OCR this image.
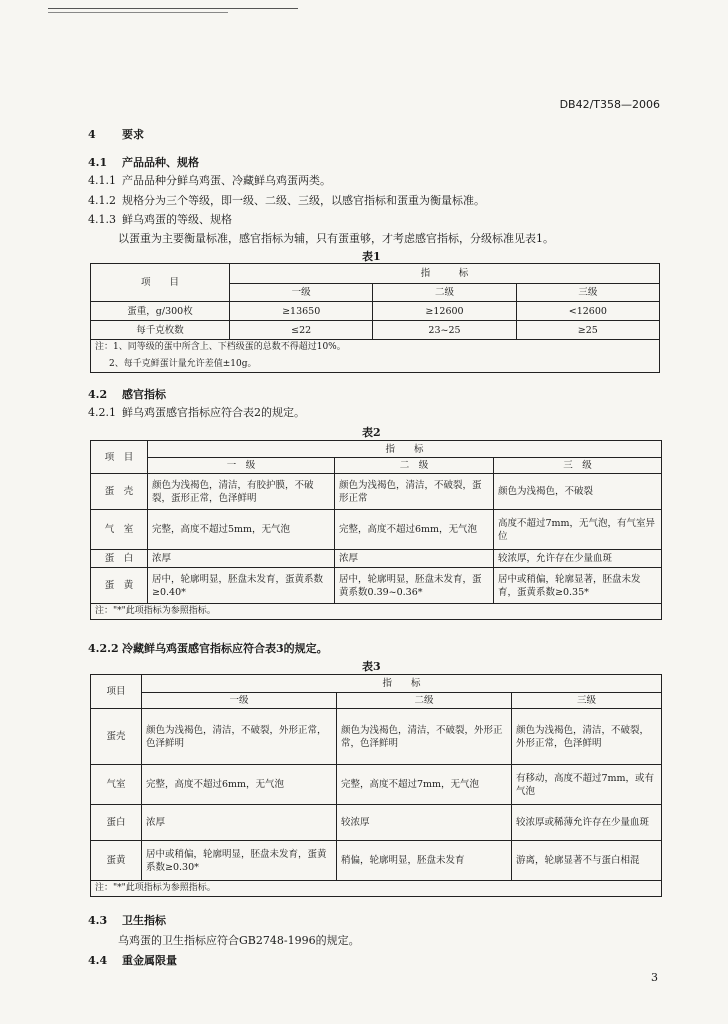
DB42/T358—2006
4 要求
4.1 产品品种、规格
4.1.1 产品品种分鲜乌鸡蛋、冷藏鲜乌鸡蛋两类。
4.1.2 规格分为三个等级，即一级、二级、三级，以感官指标和蛋重为衡量标准。
4.1.3 鲜乌鸡蛋的等级、规格
以蛋重为主要衡量标准，感官指标为辅，只有蛋重够，才考虑感官指标，分级标准见表1。
表1
项　　目	指　　　标		
	一级	二级	三级
蛋重，g/300枚	≥13650	≥12600	<12600
每千克枚数	≤22	23~25	≥25

注：1、同等级的蛋中所含上、下档级蛋的总数不得超过10%。
2、每千克鲜蛋计量允许差值±10g。			
4.2 感官指标
4.2.1 鲜乌鸡蛋感官指标应符合表2的规定。
表2
项　目	指　　标		
	一　级	二　级	三　级
蛋　壳	颜色为浅褐色，清洁，有胶护膜，不破裂，蛋形正常，色泽鲜明	颜色为浅褐色，清洁，不破裂，蛋形正常	颜色为浅褐色，不破裂
气　室	完整，高度不超过5mm，无气泡	完整，高度不超过6mm，无气泡	高度不超过7mm，无气泡，有气室异位
蛋　白	浓厚	浓厚	较浓厚，允许存在少量血斑
蛋　黄	居中，轮廓明显，胚盘未发育，蛋黄系数≥0.40*	居中，轮廓明显，胚盘未发育，蛋黄系数0.39~0.36*	居中或稍偏，轮廓显著，胚盘未发育，蛋黄系数≥0.35*
注："*"此项指标为参照指标。			
4.2.2 冷藏鲜乌鸡蛋感官指标应符合表3的规定。
表3
项目	指　　标		
	一级	二级	三级
蛋壳	颜色为浅褐色，清洁，不破裂，外形正常，色泽鲜明	颜色为浅褐色，清洁，不破裂，外形正常，色泽鲜明	颜色为浅褐色，清洁，不破裂，外形正常，色泽鲜明
气室	完整，高度不超过6mm，无气泡	完整，高度不超过7mm，无气泡	有移动，高度不超过7mm，或有气泡
蛋白	浓厚	较浓厚	较浓厚或稀薄允许存在少量血斑
蛋黄	居中或稍偏，轮廓明显，胚盘未发育，蛋黄系数≥0.30*	稍偏，轮廓明显，胚盘未发育	游离，轮廓显著不与蛋白相混
注："*"此项指标为参照指标。			
4.3 卫生指标
乌鸡蛋的卫生指标应符合GB2748-1996的规定。
4.4 重金属限量
3
